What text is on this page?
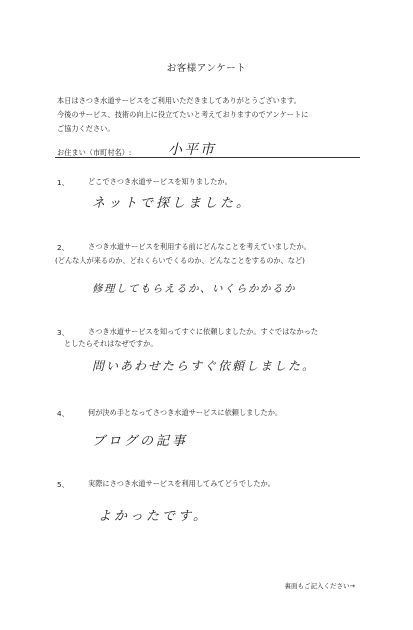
お客様アンケート
本日はさつき水道サービスをご利用いただきましてありがとうございます。
今後のサービス、技術の向上に役立てたいと考えておりますのでアンケートに
ご協力ください。
お住まい（市町村名）:	小平市
1、	どこでさつき水道サービスを知りましたか。
ネットで探しました。
2、	さつき水道サービスを利用する前にどんなことを考えていましたか。
(どんな人が来るのか、どれくらいでくるのか、どんなことをするのか、など)
修理してもらえるか、いくらかかるか
3、	さつき水道サービスを知ってすぐに依頼しましたか。すぐではなかった
としたらそれはなぜですか。
問いあわせたらすぐ依頼しました。
4、	何が決め手となってさつき水道サービスに依頼しましたか。
ブログの記事
5、	実際にさつき水道サービスを利用してみてどうでしたか。
よかったです。
裏面もご記入ください→
